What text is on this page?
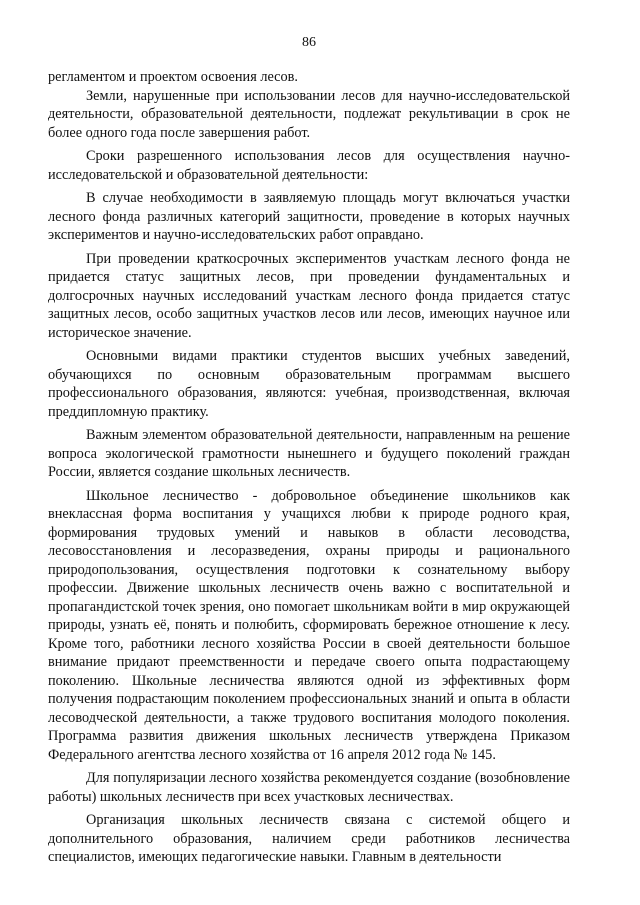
86

регламентом и проектом освоения лесов.

Земли, нарушенные при использовании лесов для научно-исследовательской деятельности, образовательной деятельности, подлежат рекультивации в срок не более одного года после завершения работ.

Сроки разрешенного использования лесов для осуществления научно-исследовательской и образовательной деятельности:

В случае необходимости в заявляемую площадь могут включаться участки лесного фонда различных категорий защитности, проведение в которых научных экспериментов и научно-исследовательских работ оправдано.

При проведении краткосрочных экспериментов участкам лесного фонда не придается статус защитных лесов, при проведении фундаментальных и долгосрочных научных исследований участкам лесного фонда придается статус защитных лесов, особо защитных участков лесов или лесов, имеющих научное или историческое значение.

Основными видами практики студентов высших учебных заведений, обучающихся по основным образовательным программам высшего профессионального образования, являются: учебная, производственная, включая преддипломную практику.

Важным элементом образовательной деятельности, направленным на решение вопроса экологической грамотности нынешнего и будущего поколений граждан России, является создание школьных лесничеств.

Школьное лесничество - добровольное объединение школьников как внеклассная форма воспитания у учащихся любви к природе родного края, формирования трудовых умений и навыков в области лесоводства, лесовосстановления и лесоразведения, охраны природы и рационального природопользования, осуществления подготовки к сознательному выбору профессии. Движение школьных лесничеств очень важно с воспитательной и пропагандистской точек зрения, оно помогает школьникам войти в мир окружающей природы, узнать её, понять и полюбить, сформировать бережное отношение к лесу. Кроме того, работники лесного хозяйства России в своей деятельности большое внимание придают преемственности и передаче своего опыта подрастающему поколению. Школьные лесничества являются одной из эффективных форм получения подрастающим поколением профессиональных знаний и опыта в области лесоводческой деятельности, а также трудового воспитания молодого поколения. Программа развития движения школьных лесничеств утверждена Приказом Федерального агентства лесного хозяйства от 16 апреля 2012 года № 145.

Для популяризации лесного хозяйства рекомендуется создание (возобновление работы) школьных лесничеств при всех участковых лесничествах.

Организация школьных лесничеств связана с системой общего и дополнительного образования, наличием среди работников лесничества специалистов, имеющих педагогические навыки. Главным в деятельности
